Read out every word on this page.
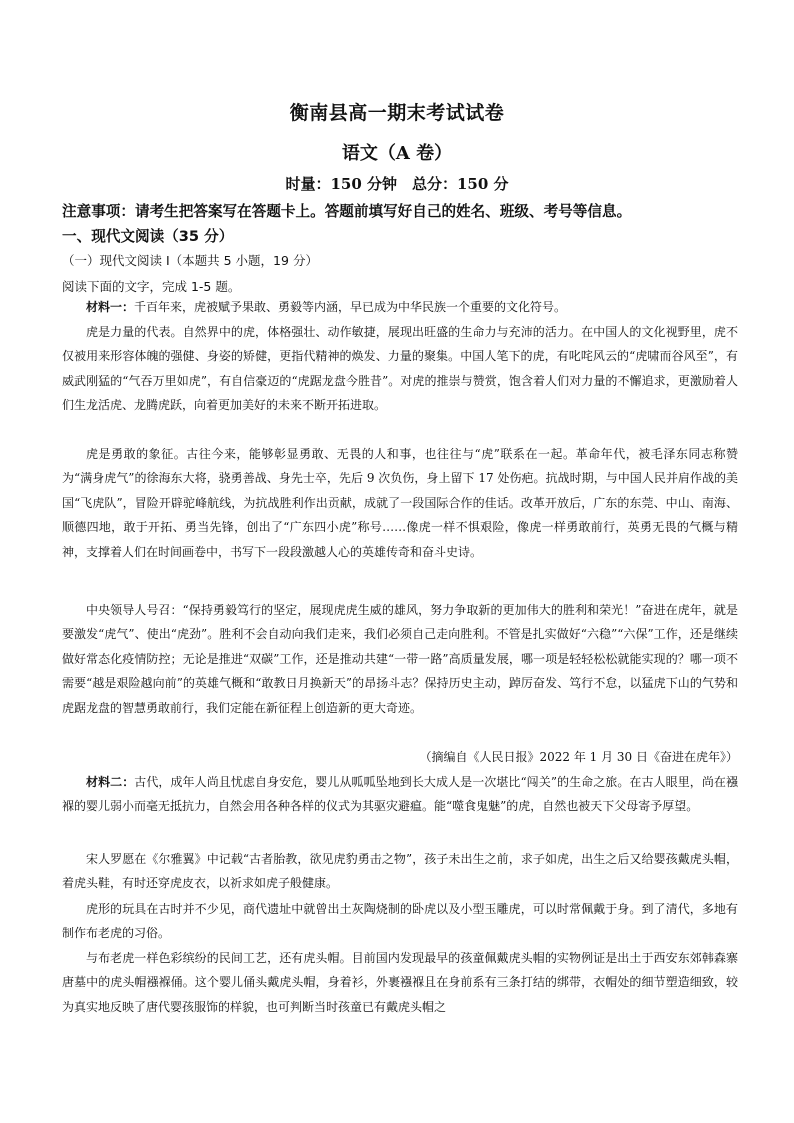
衡南县高一期末考试试卷
语文（A 卷）
时量：150 分钟　总分：150 分
注意事项：请考生把答案写在答题卡上。答题前填写好自己的姓名、班级、考号等信息。
一、现代文阅读（35 分）
（一）现代文阅读 I（本题共 5 小题，19 分）
阅读下面的文字，完成 1-5 题。

材料一：千百年来，虎被赋予果敢、勇毅等内涵，早已成为中华民族一个重要的文化符号。

虎是力量的代表。自然界中的虎，体格强壮、动作敏捷，展现出旺盛的生命力与充沛的活力。在中国人的文化视野里，虎不仅被用来形容体魄的强健、身姿的矫健，更指代精神的焕发、力量的聚集。中国人笔下的虎，有叱咤风云的“虎啸而谷风至”，有威武刚猛的“气吞万里如虎”，有自信豪迈的“虎踞龙盘今胜昔”。对虎的推崇与赞赏，饱含着人们对力量的不懈追求，更激励着人们生龙活虎、龙腾虎跃，向着更加美好的未来不断开拓进取。

虎是勇敢的象征。古往今来，能够彰显勇敢、无畏的人和事，也往往与“虎”联系在一起。革命年代，被毛泽东同志称赞为“满身虎气”的徐海东大将，骁勇善战、身先士卒，先后 9 次负伤，身上留下 17 处伤疤。抗战时期，与中国人民并肩作战的美国“飞虎队”，冒险开辟驼峰航线，为抗战胜利作出贡献，成就了一段国际合作的佳话。改革开放后，广东的东莞、中山、南海、顺德四地，敢于开拓、勇当先锋，创出了“广东四小虎”称号……像虎一样不惧艰险，像虎一样勇敢前行，英勇无畏的气概与精神，支撑着人们在时间画卷中，书写下一段段激越人心的英雄传奇和奋斗史诗。

中央领导人号召：“保持勇毅笃行的坚定，展现虎虎生威的雄风，努力争取新的更加伟大的胜利和荣光！”奋进在虎年，就是要激发“虎气”、使出“虎劲”。胜利不会自动向我们走来，我们必须自己走向胜利。不管是扎实做好“六稳”“六保”工作，还是继续做好常态化疫情防控；无论是推进“双碳”工作，还是推动共建“一带一路”高质量发展，哪一项是轻轻松松就能实现的？哪一项不需要“越是艰险越向前”的英雄气概和“敢教日月换新天”的昂扬斗志？保持历史主动，踔厉奋发、笃行不怠，以猛虎下山的气势和虎踞龙盘的智慧勇敢前行，我们定能在新征程上创造新的更大奇迹。

（摘编自《人民日报》2022 年 1 月 30 日《奋进在虎年》）

材料二：古代，成年人尚且忧虑自身安危，婴儿从呱呱坠地到长大成人是一次堪比“闯关”的生命之旅。在古人眼里，尚在襁褓的婴儿弱小而毫无抵抗力，自然会用各种各样的仪式为其驱灾避瘟。能“噬食鬼魅”的虎，自然也被天下父母寄予厚望。

宋人罗愿在《尔雅翼》中记载“古者胎教，欲见虎豹勇击之物”，孩子未出生之前，求子如虎，出生之后又给婴孩戴虎头帽，着虎头鞋，有时还穿虎皮衣，以祈求如虎子般健康。

虎形的玩具在古时并不少见，商代遗址中就曾出土灰陶烧制的卧虎以及小型玉雕虎，可以时常佩戴于身。到了清代，多地有制作布老虎的习俗。

与布老虎一样色彩缤纷的民间工艺，还有虎头帽。目前国内发现最早的孩童佩戴虎头帽的实物例证是出土于西安东郊韩森寨唐墓中的虎头帽襁褓俑。这个婴儿俑头戴虎头帽，身着衫，外裹襁褓且在身前系有三条打结的绑带，衣帽处的细节塑造细致，较为真实地反映了唐代婴孩服饰的样貌，也可判断当时孩童已有戴虎头帽之
